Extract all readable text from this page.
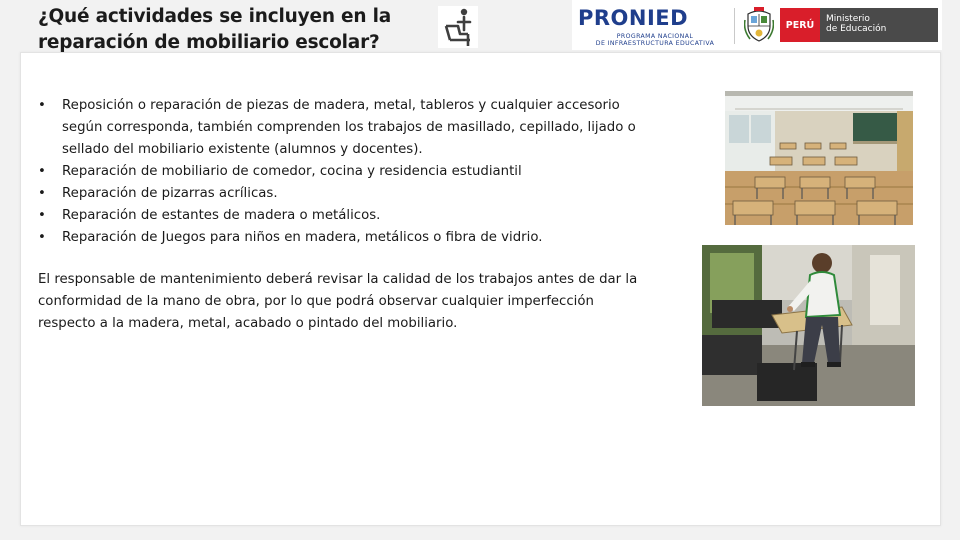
¿Qué actividades se incluyen en la
reparación de mobiliario escolar?
PRONIED
PROGRAMA NACIONAL
DE INFRAESTRUCTURA EDUCATIVA
PERÚ
Ministerio
de Educación
• Reposición o reparación de piezas de madera, metal, tableros y cualquier accesorio según corresponda, también comprenden los trabajos de masillado, cepillado, lijado o sellado del mobiliario existente (alumnos y docentes).
• Reparación de mobiliario de comedor, cocina y residencia estudiantil
• Reparación de pizarras acrílicas.
• Reparación de estantes de madera o metálicos.
• Reparación de Juegos para niños en madera, metálicos o fibra de vidrio.
El responsable de mantenimiento deberá revisar la calidad de los trabajos antes de dar la conformidad de la mano de obra, por lo que podrá observar cualquier imperfección respecto a la madera, metal, acabado o pintado del mobiliario.
